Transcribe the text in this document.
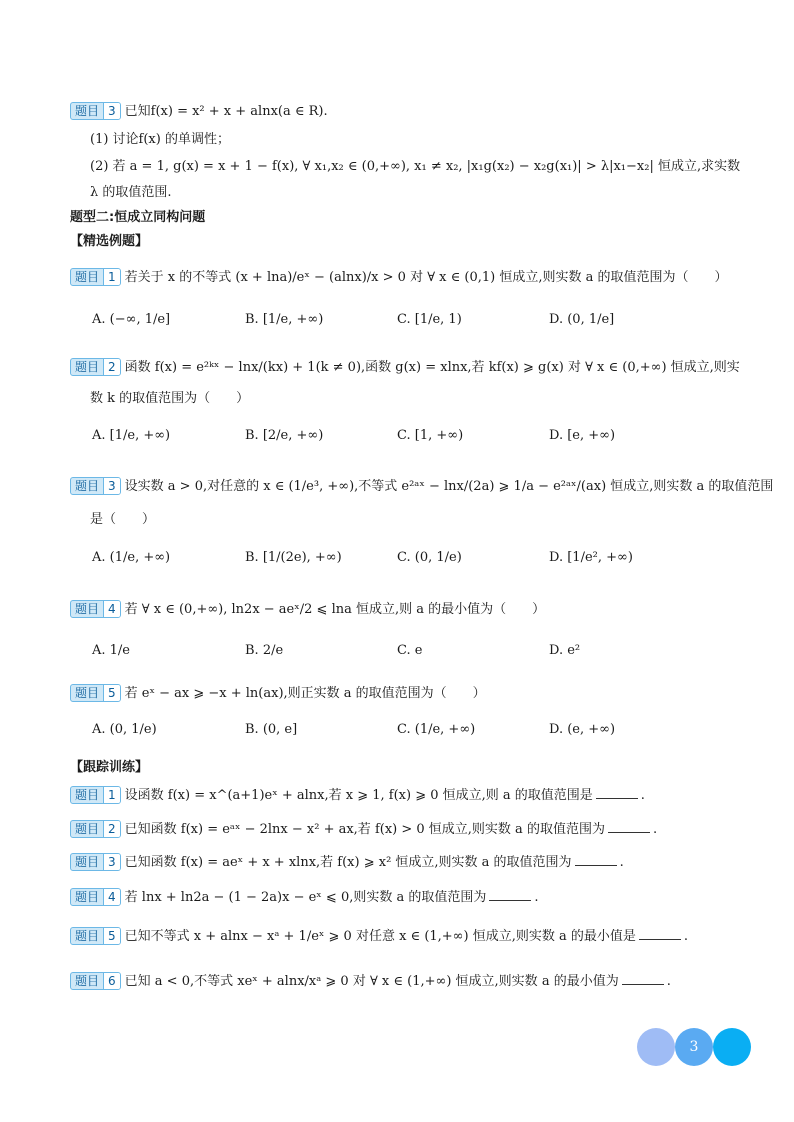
题目 3 已知f(x) = x² + x + alnx(a ∈ R).
(1) 讨论f(x) 的单调性；
(2) 若 a = 1, g(x) = x + 1 − f(x), ∀ x₁,x₂ ∈ (0,+∞), x₁ ≠ x₂, |x₁g(x₂) − x₂g(x₁)| > λ|x₁−x₂| 恒成立,求实数
λ 的取值范围.
题型二:恒成立同构问题
【精选例题】
题目 1 若关于 x 的不等式 (x + lna)/eˣ − (alnx)/x > 0 对 ∀ x ∈ (0,1) 恒成立,则实数 a 的取值范围为（　　）
A. (−∞, 1/e]	B. [1/e, +∞)	C. [1/e, 1)	D. (0, 1/e]
题目 2 函数 f(x) = e²ᵏˣ − lnx/(kx) + 1(k ≠ 0),函数 g(x) = xlnx,若 kf(x) ⩾ g(x) 对 ∀ x ∈ (0,+∞) 恒成立,则实
数 k 的取值范围为（　　）
A. [1/e, +∞)	B. [2/e, +∞)	C. [1, +∞)	D. [e, +∞)
题目 3 设实数 a > 0,对任意的 x ∈ (1/e³, +∞),不等式 e²ᵃˣ − lnx/(2a) ⩾ 1/a − e²ᵃˣ/(ax) 恒成立,则实数 a 的取值范围
是（　　）
A. (1/e, +∞)	B. [1/(2e), +∞)	C. (0, 1/e)	D. [1/e², +∞)
题目 4 若 ∀ x ∈ (0,+∞), ln2x − aeˣ/2 ⩽ lna 恒成立,则 a 的最小值为（　　）
A. 1/e	B. 2/e	C. e	D. e²
题目 5 若 eˣ − ax ⩾ −x + ln(ax),则正实数 a 的取值范围为（　　）
A. (0, 1/e)	B. (0, e]	C. (1/e, +∞)	D. (e, +∞)
【跟踪训练】
题目 1 设函数 f(x) = x^(a+1)eˣ + alnx,若 x ⩾ 1, f(x) ⩾ 0 恒成立,则 a 的取值范围是	.
题目 2 已知函数 f(x) = eᵃˣ − 2lnx − x² + ax,若 f(x) > 0 恒成立,则实数 a 的取值范围为	.
题目 3 已知函数 f(x) = aeˣ + x + xlnx,若 f(x) ⩾ x² 恒成立,则实数 a 的取值范围为	.
题目 4 若 lnx + ln2a − (1 − 2a)x − eˣ ⩽ 0,则实数 a 的取值范围为	.
题目 5 已知不等式 x + alnx − xᵃ + 1/eˣ ⩾ 0 对任意 x ∈ (1,+∞) 恒成立,则实数 a 的最小值是	.
题目 6 已知 a < 0,不等式 xeˣ + alnx/xᵃ ⩾ 0 对 ∀ x ∈ (1,+∞) 恒成立,则实数 a 的最小值为	.
3
